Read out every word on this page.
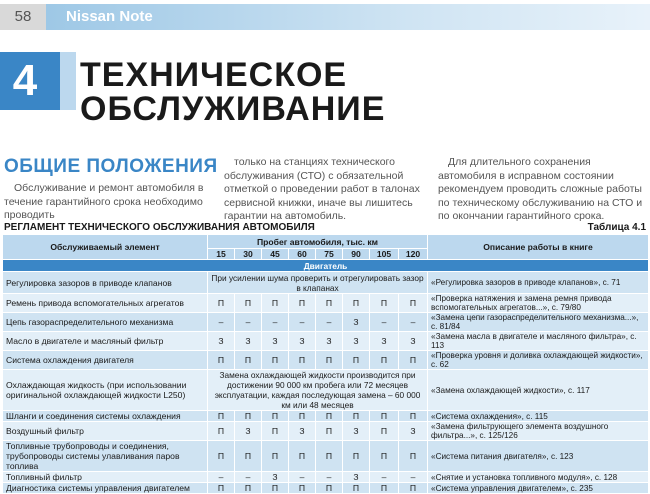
58	Nissan Note
4	ТЕХНИЧЕСКОЕ
ОБСЛУЖИВАНИЕ
ОБЩИЕ ПОЛОЖЕНИЯ
Обслуживание и ремонт автомобиля в течение гарантийного срока необходимо проводить
только на станциях технического обслуживания (СТО) с обязательной отметкой о проведении работ в талонах сервисной книжки, иначе вы лишитесь гарантии на автомобиль.
Для длительного сохранения автомобиля в исправном состоянии рекомендуем проводить сложные работы по техническому обслуживанию на СТО и по окончании гарантийного срока.
РЕГЛАМЕНТ ТЕХНИЧЕСКОГО ОБСЛУЖИВАНИЯ АВТОМОБИЛЯ	Таблица 4.1
Обслуживаемый элемент	Пробег автомобиля, тыс. км								Описание работы в книге
	15	30	45	60	75	90	105	120	
Двигатель									
Регулировка зазоров в приводе клапанов	При усилении шума проверить и отрегулировать зазор в клапанах								«Регулировка зазоров в приводе клапанов», с. 71
Ремень привода вспомогательных агрегатов	П	П	П	П	П	П	П	П	«Проверка натяжения и замена ремня привода вспомогательных агрегатов...», с. 79/80
Цепь газораспределительного механизма	–	–	–	–	–	З	–	–	«Замена цепи газораспределительного механизма...», с. 81/84
Масло в двигателе и масляный фильтр	З	З	З	З	З	З	З	З	«Замена масла в двигателе и масляного фильтра», с. 113
Система охлаждения двигателя	П	П	П	П	П	П	П	П	«Проверка уровня и доливка охлаждающей жидкости», с. 62
Охлаждающая жидкость (при использовании оригинальной охлаждающей жидкости L250)	Замена охлаждающей жидкости производится при достижении 90 000 км пробега или 72 месяцев эксплуатации, каждая последующая замена – 60 000 км или 48 месяцев								«Замена охлаждающей жидкости», с. 117
Шланги и соединения системы охлаждения	П	П	П	П	П	П	П	П	«Система охлаждения», с. 115
Воздушный фильтр	П	З	П	З	П	З	П	З	«Замена фильтрующего элемента воздушного фильтра...», с. 125/126
Топливные трубопроводы и соединения, трубопроводы системы улавливания паров топлива	П	П	П	П	П	П	П	П	«Система питания двигателя», с. 123
Топливный фильтр	–	–	З	–	–	З	–	–	«Снятие и установка топливного модуля», с. 128
Диагностика системы управления двигателем	П	П	П	П	П	П	П	П	«Система управления двигателем», с. 235
